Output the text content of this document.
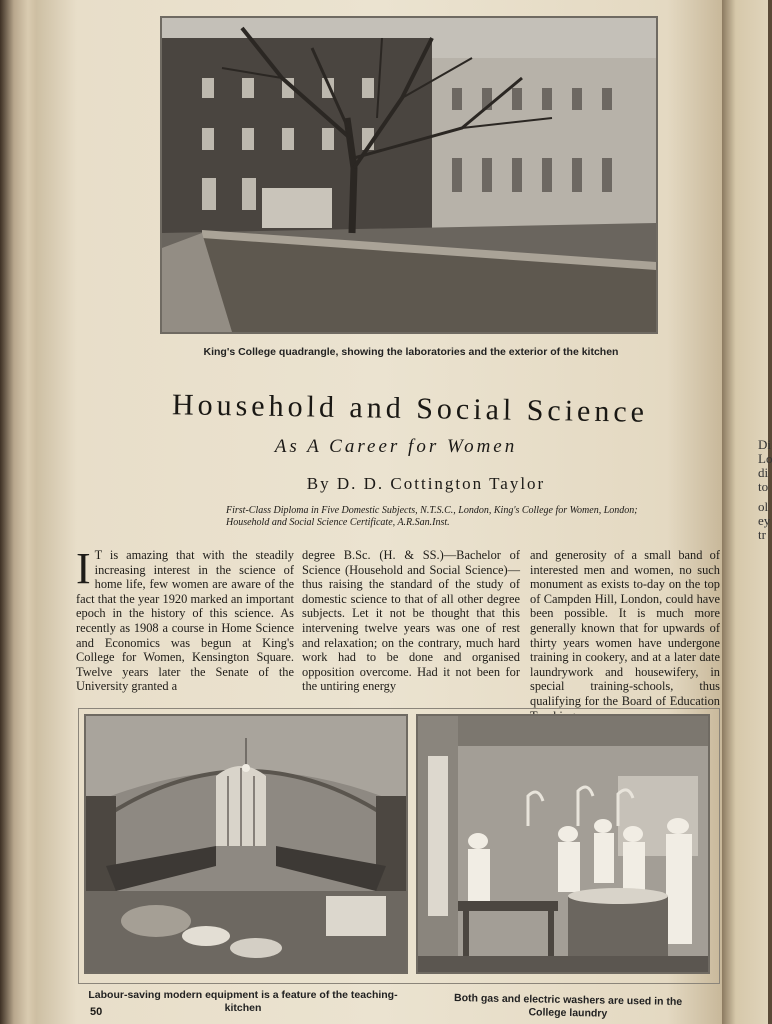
King's College quadrangle, showing the laboratories and the exterior of the kitchen
Household and Social Science
As A Career for Women
By D. D. Cottington Taylor
First-Class Diploma in Five Domestic Subjects, N.T.S.C., London, King's College for Women, London; Household and Social Science Certificate, A.R.San.Inst.
I T is amazing that with the steadily increasing interest in the science of home life, few women are aware of the fact that the year 1920 marked an important epoch in the history of this science. As recently as 1908 a course in Home Science and Economics was begun at King's College for Women, Kensington Square. Twelve years later the Senate of the University granted a
degree B.Sc. (H. & SS.)—Bachelor of Science (Household and Social Science)—thus raising the standard of the study of domestic science to that of all other degree subjects. Let it not be thought that this intervening twelve years was one of rest and relaxation; on the contrary, much hard work had to be done and organised opposition overcome. Had it not been for the untiring energy
and generosity of a small band of interested men and women, no such monument as exists to-day on the top of Campden Hill, London, could have been possible. It is much more generally known that for upwards of thirty years women have undergone training in cookery, and at a later date laundrywork and housewifery, in special training-schools, thus qualifying for the Board of Education
Labour-saving modern equipment is a feature of the teaching-kitchen
Both gas and electric washers are used in the College laundry
50
Di
Lo
di
to
ol
ey
tr
